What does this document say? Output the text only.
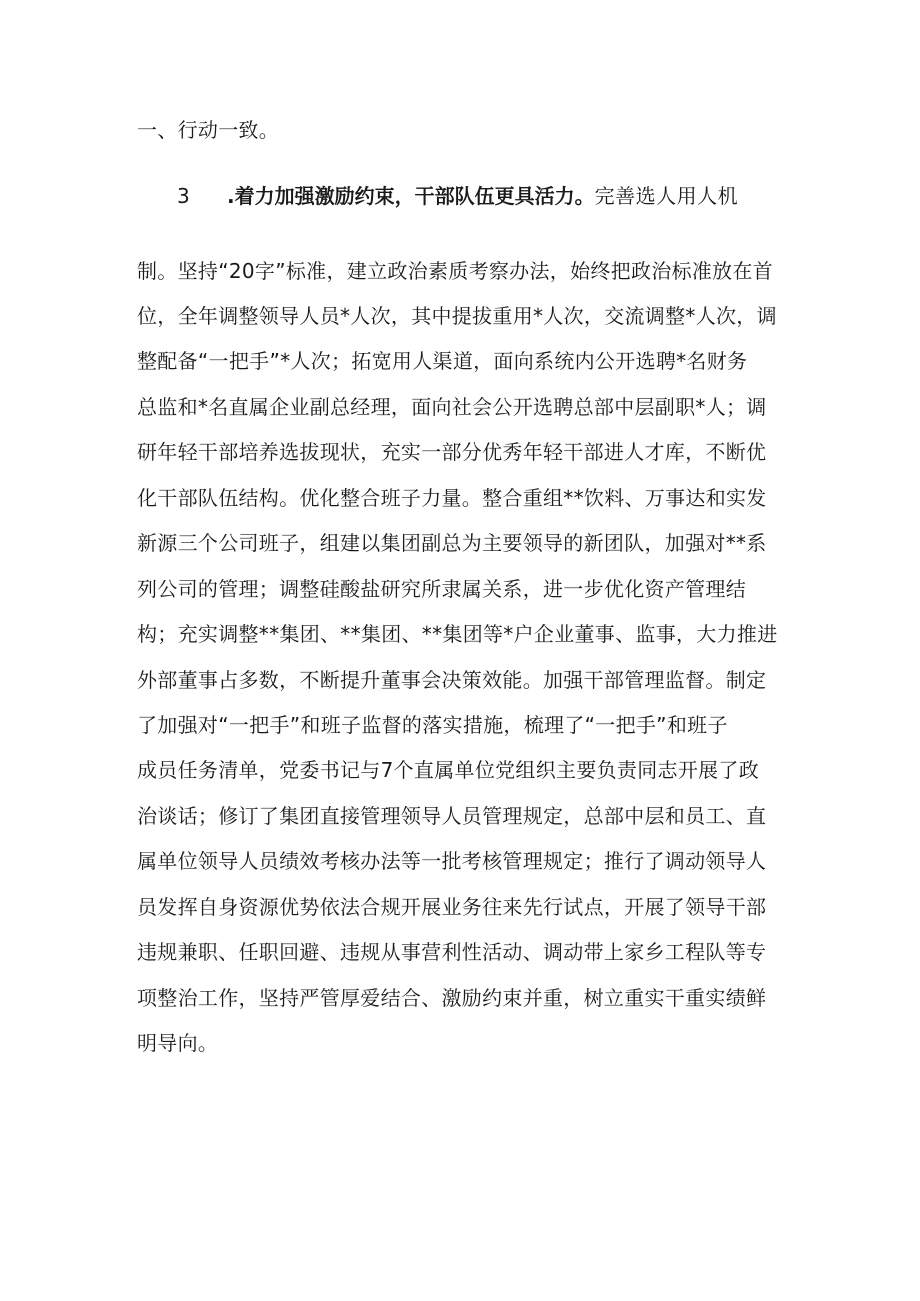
一、行动一致。
3 .着力加强激励约束，干部队伍更具活力。完善选人用人机
制。坚持“20字”标准，建立政治素质考察办法，始终把政治标准放在首
位，全年调整领导人员*人次，其中提拔重用*人次，交流调整*人次，调
整配备“一把手”*人次；拓宽用人渠道，面向系统内公开选聘*名财务
总监和*名直属企业副总经理，面向社会公开选聘总部中层副职*人；调
研年轻干部培养选拔现状，充实一部分优秀年轻干部进人才库，不断优
化干部队伍结构。优化整合班子力量。整合重组**饮料、万事达和实发
新源三个公司班子，组建以集团副总为主要领导的新团队，加强对**系
列公司的管理；调整硅酸盐研究所隶属关系，进一步优化资产管理结
构；充实调整**集团、**集团、**集团等*户企业董事、监事，大力推进
外部董事占多数，不断提升董事会决策效能。加强干部管理监督。制定
了加强对“一把手”和班子监督的落实措施，梳理了“一把手”和班子
成员任务清单，党委书记与7个直属单位党组织主要负责同志开展了政
治谈话；修订了集团直接管理领导人员管理规定，总部中层和员工、直
属单位领导人员绩效考核办法等一批考核管理规定；推行了调动领导人
员发挥自身资源优势依法合规开展业务往来先行试点，开展了领导干部
违规兼职、任职回避、违规从事营利性活动、调动带上家乡工程队等专
项整治工作，坚持严管厚爱结合、激励约束并重，树立重实干重实绩鲜
明导向。
